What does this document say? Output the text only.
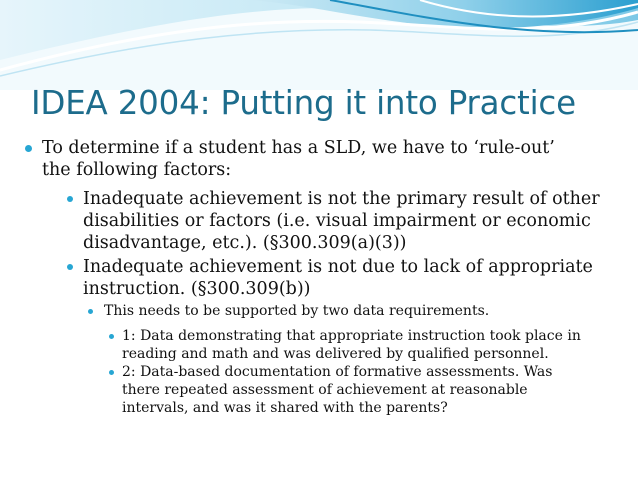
IDEA 2004: Putting it into Practice
To determine if a student has a SLD, we have to ‘rule-out’
the following factors:
Inadequate achievement is not the primary result of other
disabilities or factors (i.e. visual impairment or economic
disadvantage, etc.). (§300.309(a)(3))
Inadequate achievement is not due to lack of appropriate
instruction. (§300.309(b))
This needs to be supported by two data requirements.
1: Data demonstrating that appropriate instruction took place in
reading and math and was delivered by qualified personnel.
2: Data-based documentation of formative assessments. Was
there repeated assessment of achievement at reasonable
intervals, and was it shared with the parents?
